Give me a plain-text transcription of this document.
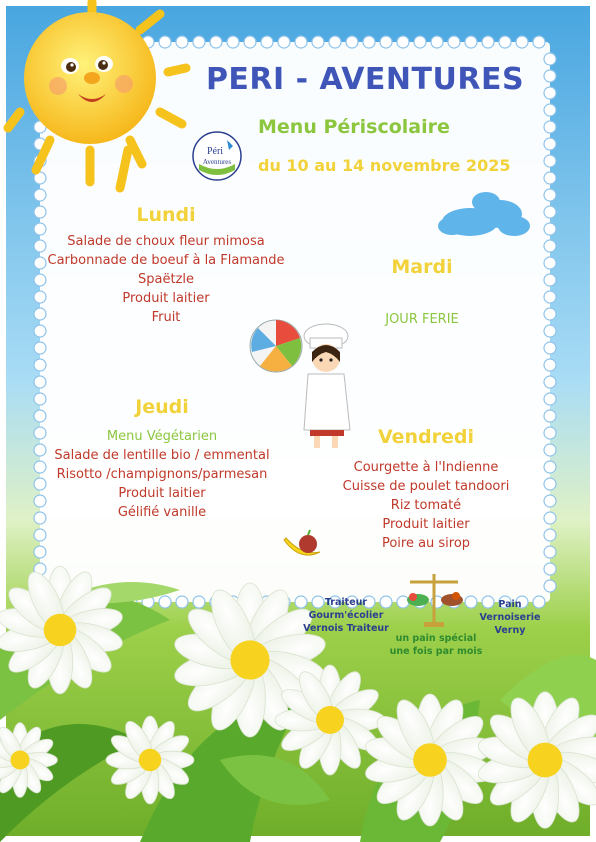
PERI - AVENTURES
Menu Périscolaire
du 10 au 14 novembre 2025
Péri
Aventures
Lundi
Salade de choux fleur mimosa
Carbonnade de boeuf à la Flamande
Spaëtzle
Produit laitier
Fruit
Mardi
JOUR FERIE
Jeudi
Menu Végétarien
Salade de lentille bio / emmental
Risotto /champignons/parmesan
Produit laitier
Gélifié vanille
Vendredi
Courgette à l'Indienne
Cuisse de poulet tandoori
Riz tomaté
Produit laitier
Poire au sirop
Traiteur
Gourm'écolier
Vernois Traiteur
Pain
Vernoiserie
Verny
un pain spécial
une fois par mois
